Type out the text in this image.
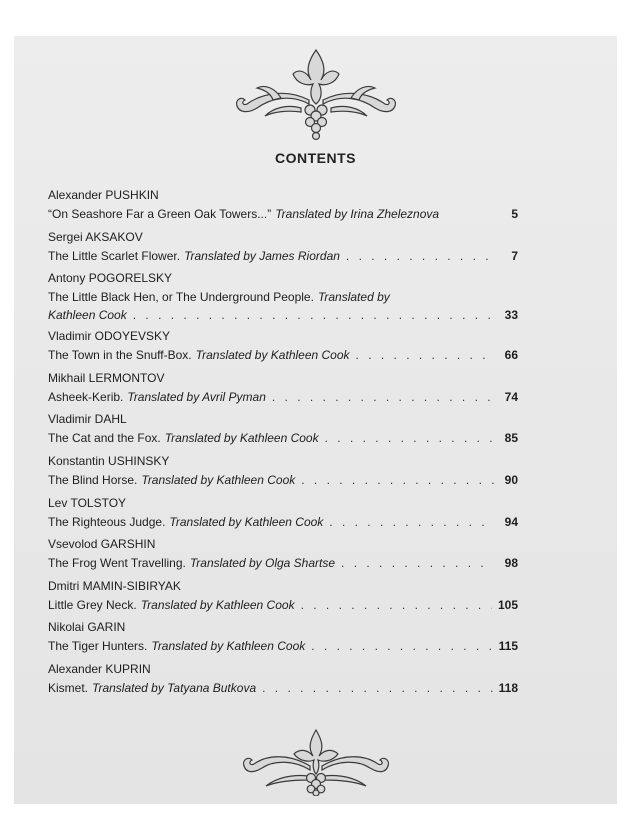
CONTENTS
Alexander PUSHKIN
“On Seashore Far a Green Oak Towers...” Translated by Irina Zheleznova	5
Sergei AKSAKOV
The Little Scarlet Flower. Translated by James Riordan . . .	7
Antony POGORELSKY
The Little Black Hen, or The Underground People. Translated by
Kathleen Cook . . .	33
Vladimir ODOYEVSKY
The Town in the Snuff-Box. Translated by Kathleen Cook . . .	66
Mikhail LERMONTOV
Asheek-Kerib. Translated by Avril Pyman . . .	74
Vladimir DAHL
The Cat and the Fox. Translated by Kathleen Cook . . .	85
Konstantin USHINSKY
The Blind Horse. Translated by Kathleen Cook . . .	90
Lev TOLSTOY
The Righteous Judge. Translated by Kathleen Cook . . .	94
Vsevolod GARSHIN
The Frog Went Travelling. Translated by Olga Shartse . . .	98
Dmitri MAMIN-SIBIRYAK
Little Grey Neck. Translated by Kathleen Cook . . .	105
Nikolai GARIN
The Tiger Hunters. Translated by Kathleen Cook . . .	115
Alexander KUPRIN
Kismet. Translated by Tatyana Butkova . . .	118
